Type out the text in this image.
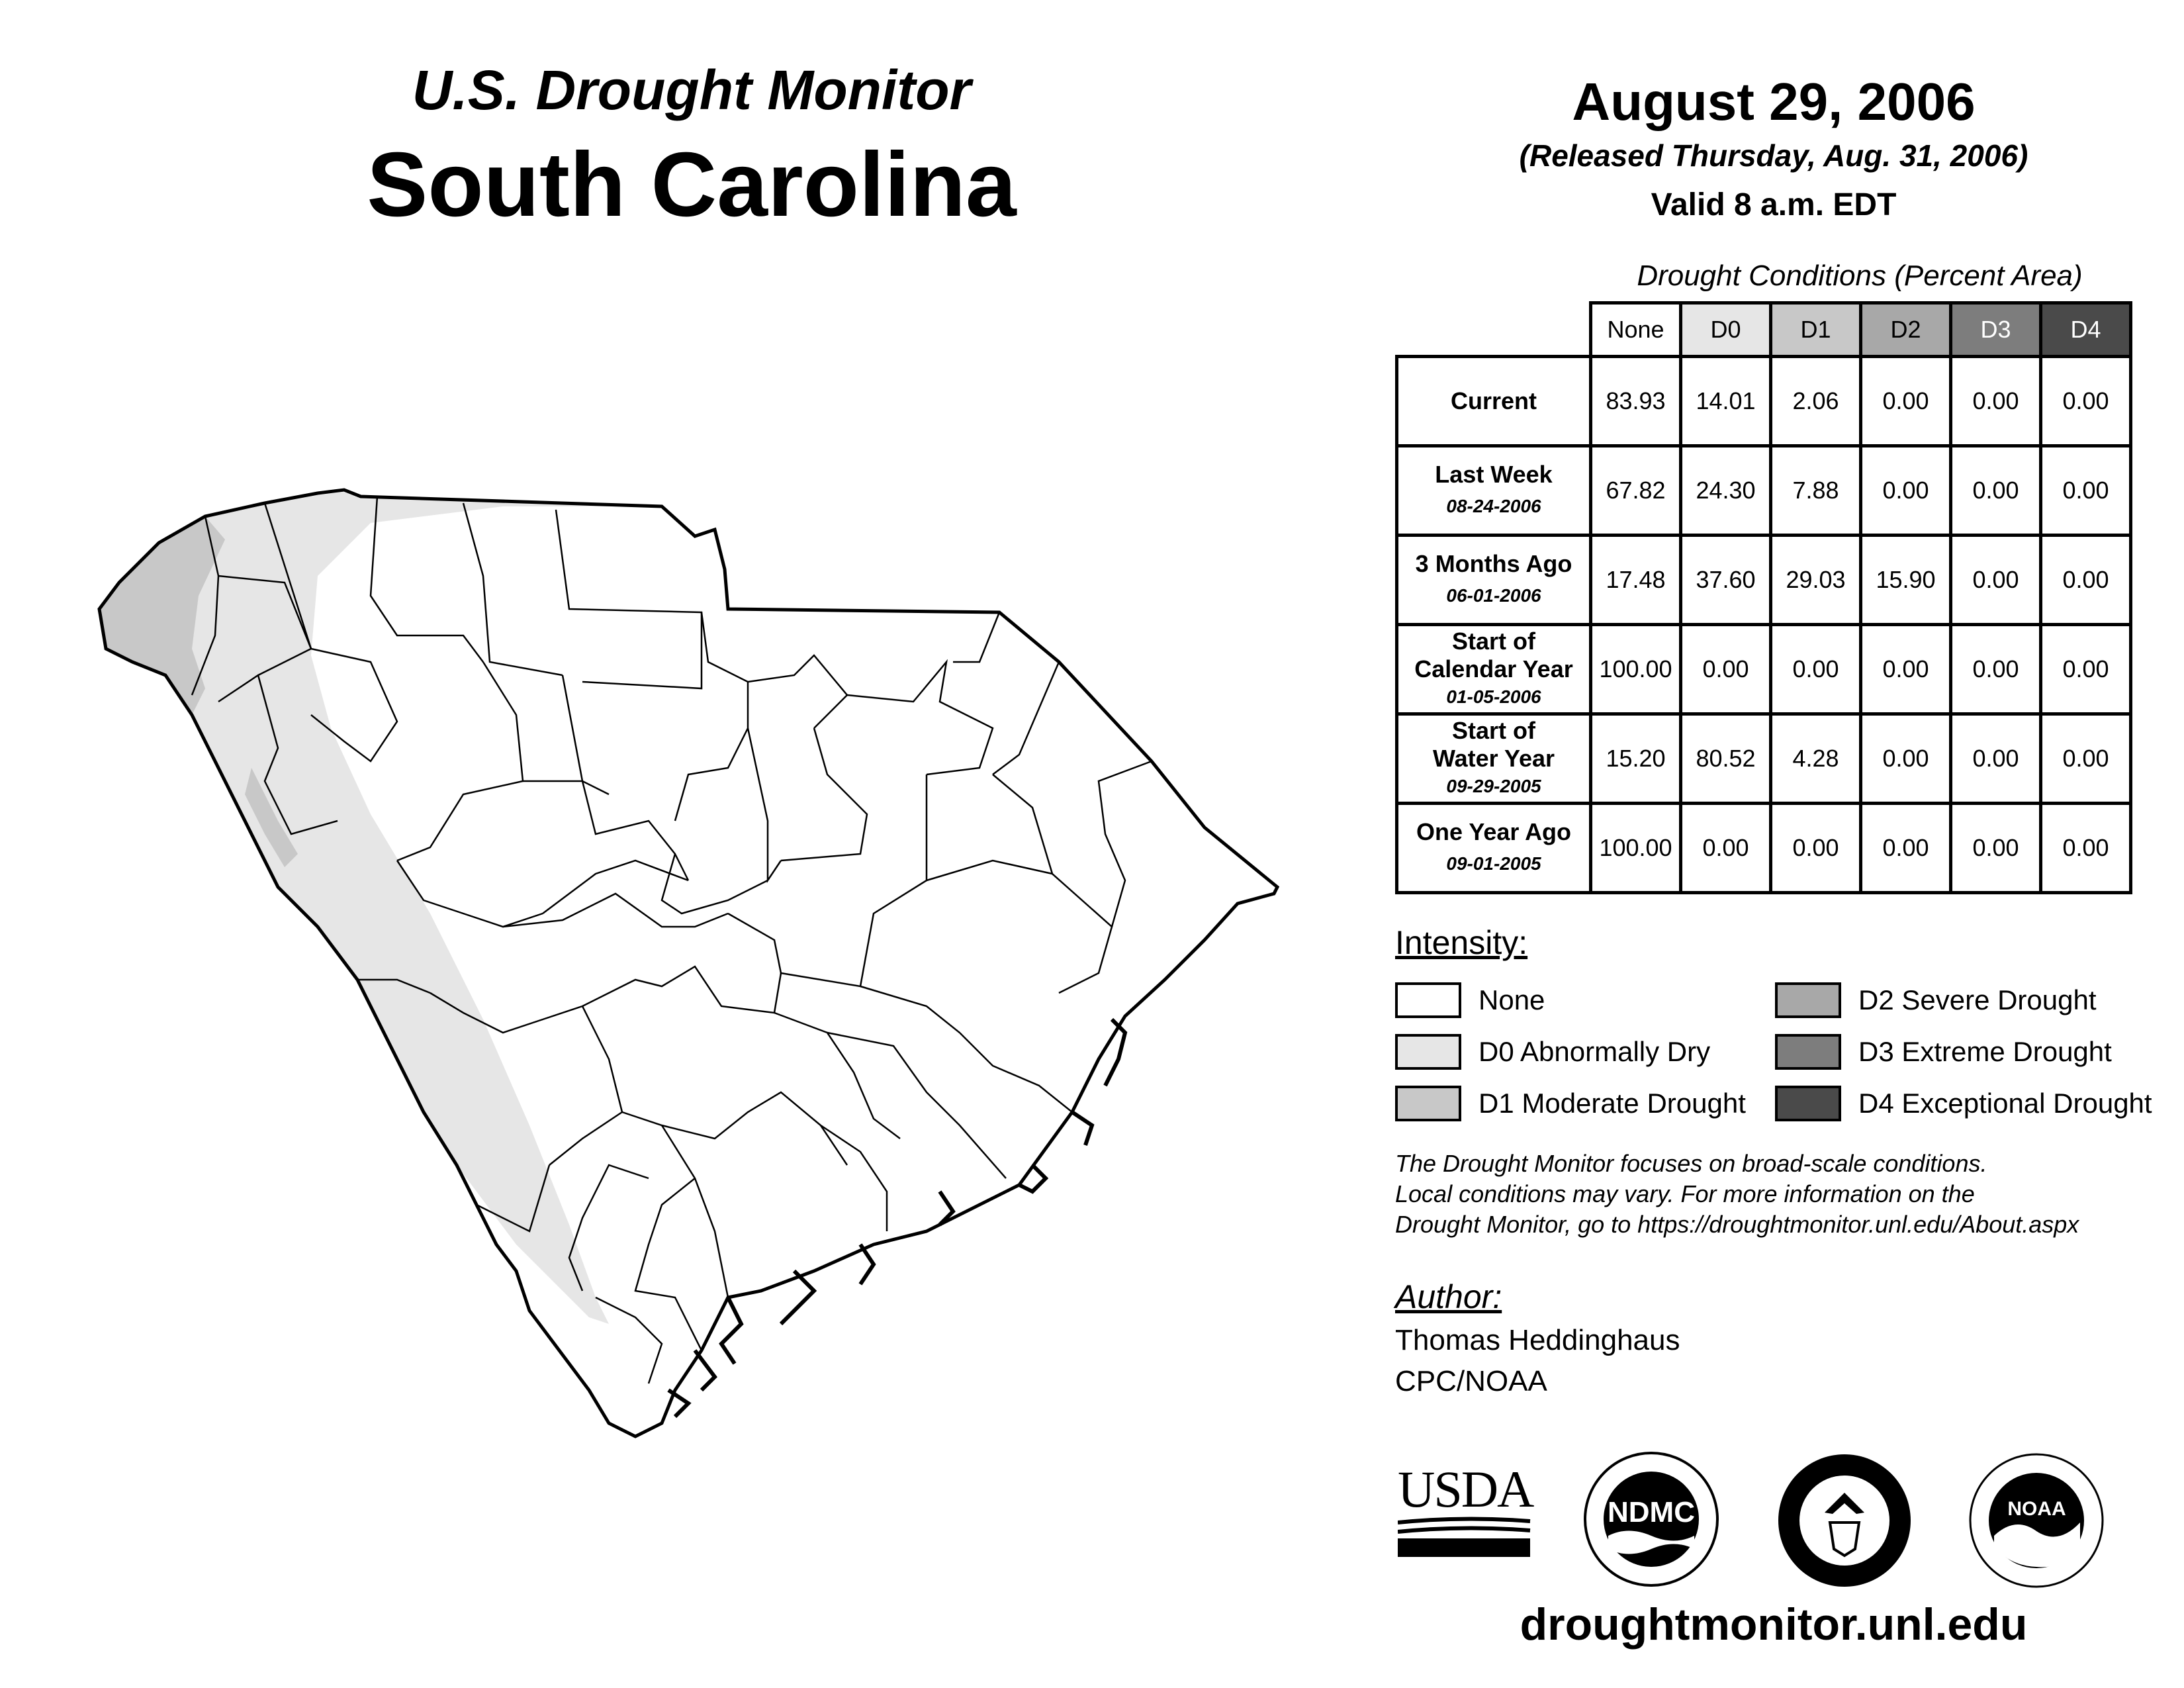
U.S. Drought Monitor
South Carolina
August 29, 2006
(Released Thursday, Aug. 31, 2006)
Valid 8 a.m. EDT
Drought Conditions (Percent Area)
	None	D0	D1	D2	D3	D4
Current	83.93	14.01	2.06	0.00	0.00	0.00
Last Week
08-24-2006	67.82	24.30	7.88	0.00	0.00	0.00
3 Months Ago
06-01-2006	17.48	37.60	29.03	15.90	0.00	0.00
Start of
Calendar Year
01-05-2006	100.00	0.00	0.00	0.00	0.00	0.00
Start of
Water Year
09-29-2005	15.20	80.52	4.28	0.00	0.00	0.00
One Year Ago
09-01-2005	100.00	0.00	0.00	0.00	0.00	0.00
Intensity:
None
D0 Abnormally Dry
D1 Moderate Drought
D2 Severe Drought
D3 Extreme Drought
D4 Exceptional Drought
The Drought Monitor focuses on broad-scale conditions.
Local conditions may vary. For more information on the
Drought Monitor, go to https://droughtmonitor.unl.edu/About.aspx
Author:
Thomas Heddinghaus
CPC/NOAA
USDA	NDMC	NOAA
droughtmonitor.unl.edu
